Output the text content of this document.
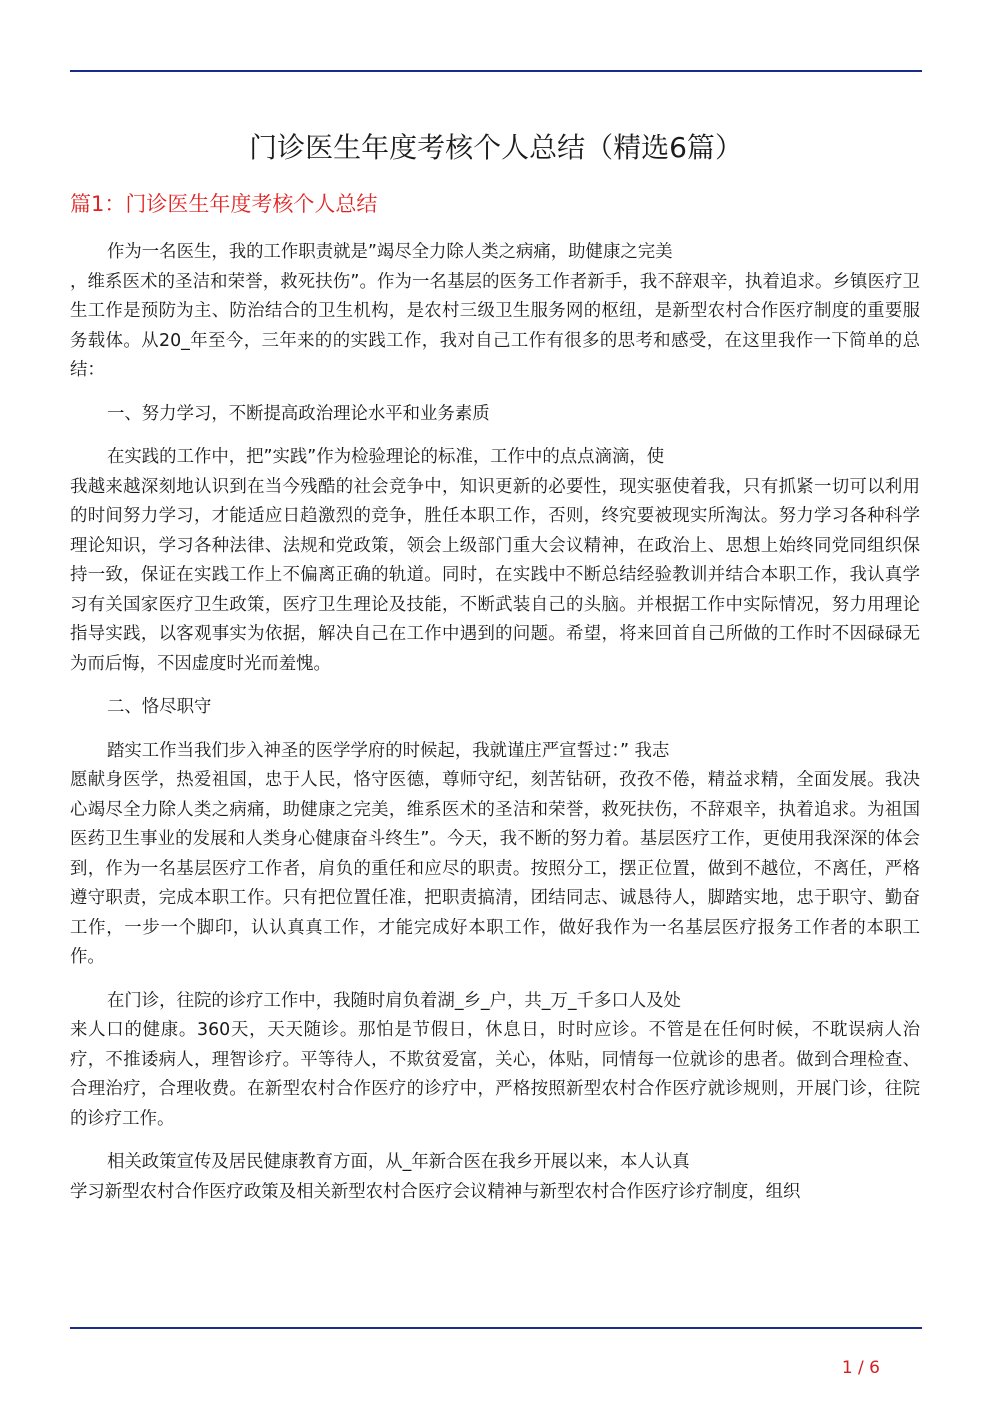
门诊医生年度考核个人总结（精选6篇）
篇1：门诊医生年度考核个人总结

作为一名医生，我的工作职责就是”竭尽全力除人类之病痛，助健康之完美
，维系医术的圣洁和荣誉，救死扶伤”。作为一名基层的医务工作者新手，我不辞艰辛，执着追求。乡镇医疗卫生工作是预防为主、防治结合的卫生机构，是农村三级卫生服务网的枢纽，是新型农村合作医疗制度的重要服务载体。从20_年至今，三年来的的实践工作，我对自己工作有很多的思考和感受，在这里我作一下简单的总结：

一、努力学习，不断提高政治理论水平和业务素质

在实践的工作中，把”实践”作为检验理论的标准，工作中的点点滴滴，使
我越来越深刻地认识到在当今残酷的社会竞争中，知识更新的必要性，现实驱使着我，只有抓紧一切可以利用的时间努力学习，才能适应日趋激烈的竞争，胜任本职工作，否则，终究要被现实所淘汰。努力学习各种科学理论知识，学习各种法律、法规和党政策，领会上级部门重大会议精神，在政治上、思想上始终同党同组织保持一致，保证在实践工作上不偏离正确的轨道。同时，在实践中不断总结经验教训并结合本职工作，我认真学习有关国家医疗卫生政策，医疗卫生理论及技能，不断武装自己的头脑。并根据工作中实际情况，努力用理论指导实践，以客观事实为依据，解决自己在工作中遇到的问题。希望，将来回首自己所做的工作时不因碌碌无为而后悔，不因虚度时光而羞愧。

二、恪尽职守

踏实工作当我们步入神圣的医学学府的时候起，我就谨庄严宣誓过：” 我志
愿献身医学，热爱祖国，忠于人民，恪守医德，尊师守纪，刻苦钻研，孜孜不倦，精益求精，全面发展。我决心竭尽全力除人类之病痛，助健康之完美，维系医术的圣洁和荣誉，救死扶伤，不辞艰辛，执着追求。为祖国医药卫生事业的发展和人类身心健康奋斗终生”。今天，我不断的努力着。基层医疗工作，更使用我深深的体会到，作为一名基层医疗工作者，肩负的重任和应尽的职责。按照分工，摆正位置，做到不越位，不离任，严格遵守职责，完成本职工作。只有把位置任准，把职责搞清，团结同志、诚恳待人，脚踏实地，忠于职守、勤奋工作，一步一个脚印，认认真真工作，才能完成好本职工作，做好我作为一名基层医疗报务工作者的本职工作。

在门诊，往院的诊疗工作中，我随时肩负着湖_乡_户，共_万_千多口人及处
来人口的健康。360天，天天随诊。那怕是节假日，休息日，时时应诊。不管是在任何时候，不耽误病人治疗，不推诿病人，理智诊疗。平等待人，不欺贫爱富，关心，体贴，同情每一位就诊的患者。做到合理检查、合理治疗，合理收费。在新型农村合作医疗的诊疗中，严格按照新型农村合作医疗就诊规则，开展门诊，往院的诊疗工作。

相关政策宣传及居民健康教育方面，从_年新合医在我乡开展以来，本人认真
学习新型农村合作医疗政策及相关新型农村合医疗会议精神与新型农村合作医疗诊疗制度，组织

1 / 6
